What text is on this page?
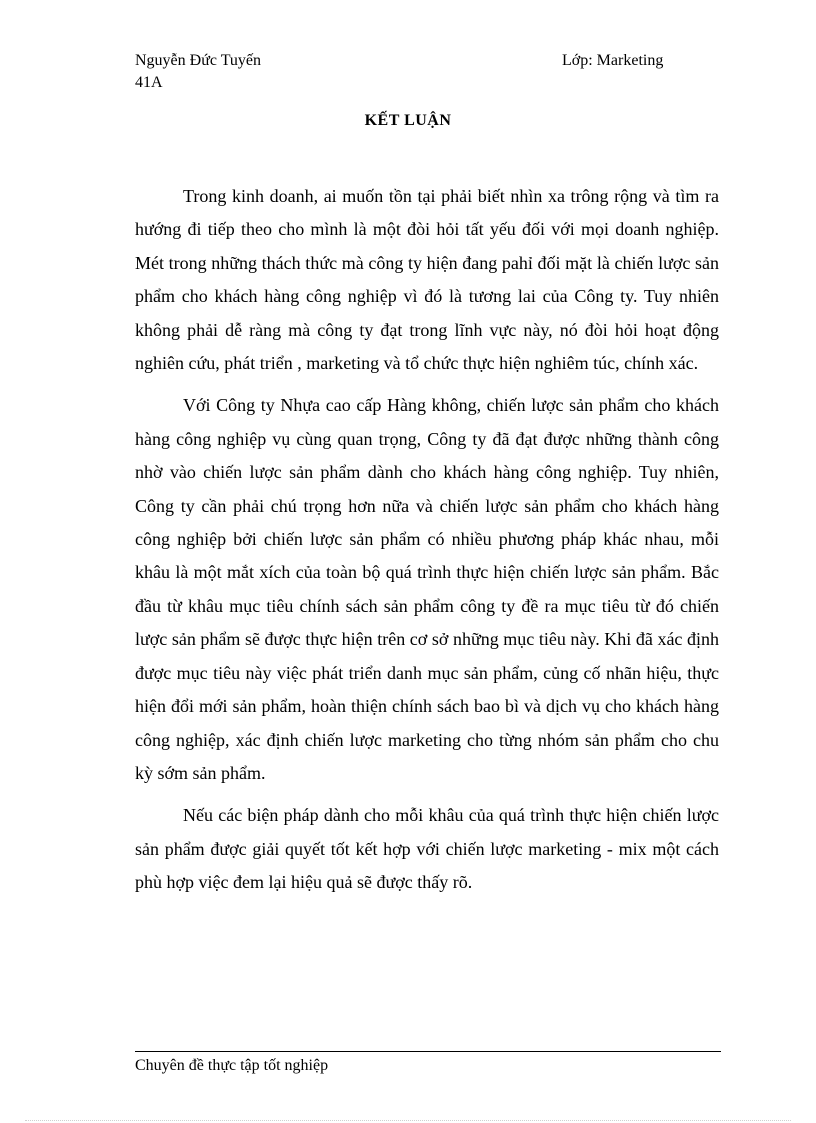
Nguyễn Đức Tuyến
41A
Lớp: Marketing
KẾT LUẬN

Trong kinh doanh, ai muốn tồn tại phải biết nhìn xa trông rộng và tìm ra hướng đi tiếp theo cho mình là một đòi hỏi tất yếu đối với mọi doanh nghiệp. Mét trong những thách thức mà công ty hiện đang pahỉ đối mặt là chiến lược sản phẩm cho khách hàng công nghiệp vì đó là tương lai của Công ty. Tuy nhiên không phải dễ ràng mà công ty đạt trong lĩnh vực này, nó đòi hỏi hoạt động nghiên cứu, phát triển , marketing và tổ chức thực hiện nghiêm túc, chính xác.

Với Công ty Nhựa cao cấp Hàng không, chiến lược sản phẩm cho khách hàng công nghiệp vụ cùng quan trọng, Công ty đã đạt được những thành công nhờ vào chiến lược sản phẩm dành cho khách hàng công nghiệp. Tuy nhiên, Công ty cần phải chú trọng hơn nữa và chiến lược sản phẩm cho khách hàng công nghiệp bởi chiến lược sản phẩm có nhiều phương pháp khác nhau, mỗi khâu là một mắt xích của toàn bộ quá trình thực hiện chiến lược sản phẩm. Bắc đầu từ khâu mục tiêu chính sách sản phẩm công ty đề ra mục tiêu từ đó chiến lược sản phẩm sẽ được thực hiện trên cơ sở những mục tiêu này. Khi đã xác định được mục tiêu này việc phát triển danh mục sản phẩm, củng cố nhãn hiệu, thực hiện đổi mới sản phẩm, hoàn thiện chính sách bao bì và dịch vụ cho khách hàng công nghiệp, xác định chiến lược marketing cho từng nhóm sản phẩm cho chu kỳ sớm sản phẩm.

Nếu các biện pháp dành cho mỗi khâu của quá trình thực hiện chiến lược sản phẩm được giải quyết tốt kết hợp với chiến lược marketing - mix một cách phù hợp việc đem lại hiệu quả sẽ được thấy rõ.

Chuyên đề thực tập tốt nghiệp
